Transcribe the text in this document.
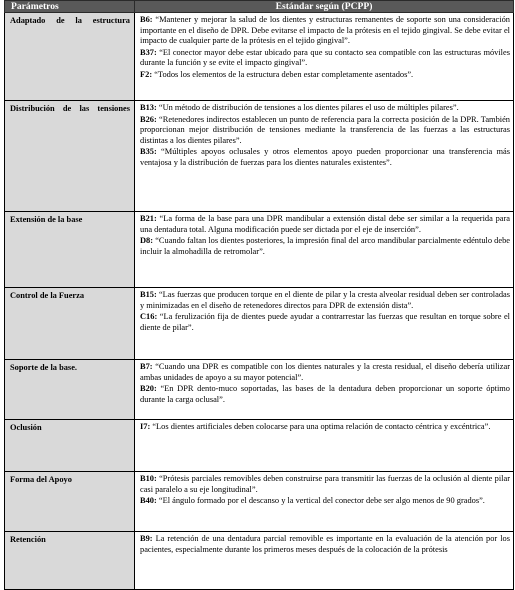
Parámetros	Estándar según (PCPP)

Adaptado de la estructura	B6: “Mantener y mejorar la salud de los dientes y estructuras remanentes de soporte son una consideración importante en el diseño de DPR. Debe evitarse el impacto de la prótesis en el tejido gingival. Se debe evitar el impacto de cualquier parte de la prótesis en el tejido gingival”.
B37: “El conector mayor debe estar ubicado para que su contacto sea compatible con las estructuras móviles durante la función y se evite el impacto gingival”.
F2: “Todos los elementos de la estructura deben estar completamente asentados”.

Distribución de las tensiones	B13: “Un método de distribución de tensiones a los dientes pilares el uso de múltiples pilares”.
B26: “Retenedores indirectos establecen un punto de referencia para la correcta posición de la DPR. También proporcionan mejor distribución de tensiones mediante la transferencia de las fuerzas a las estructuras distintas a los dientes pilares”.
B35: “Múltiples apoyos oclusales y otros elementos apoyo pueden proporcionar una transferencia más ventajosa y la distribución de fuerzas para los dientes naturales existentes”.

Extensión de la base	B21: “La forma de la base para una DPR mandibular a extensión distal debe ser similar a la requerida para una dentadura total. Alguna modificación puede ser dictada por el eje de inserción”.
D8: “Cuando faltan los dientes posteriores, la impresión final del arco mandibular parcialmente edéntulo debe incluir la almohadilla de retromolar”.

Control de la Fuerza	B15: “Las fuerzas que producen torque en el diente de pilar y la cresta alveolar residual deben ser controladas y minimizadas en el diseño de retenedores directos para DPR de extensión dista”.
C16: “La ferulización fija de dientes puede ayudar a contrarrestar las fuerzas que resultan en torque sobre el diente de pilar”.

Soporte de la base.	B7: “Cuando una DPR es compatible con los dientes naturales y la cresta residual, el diseño debería utilizar ambas unidades de apoyo a su mayor potencial”.
B20: “En DPR dento-muco soportadas, las bases de la dentadura deben proporcionar un soporte óptimo durante la carga oclusal”.

Oclusión	I7: “Los dientes artificiales deben colocarse para una optima relación de contacto céntrica y excéntrica”.

Forma del Apoyo	B10: “Prótesis parciales removibles deben construirse para transmitir las fuerzas de la oclusión al diente pilar casi paralelo a su eje longitudinal”.
B40: “El ángulo formado por el descanso y la vertical del conector debe ser algo menos de 90 grados”.

Retención	B9: La retención de una dentadura parcial removible es importante en la evaluación de la atención por los pacientes, especialmente durante los primeros meses después de la colocación de la prótesis
